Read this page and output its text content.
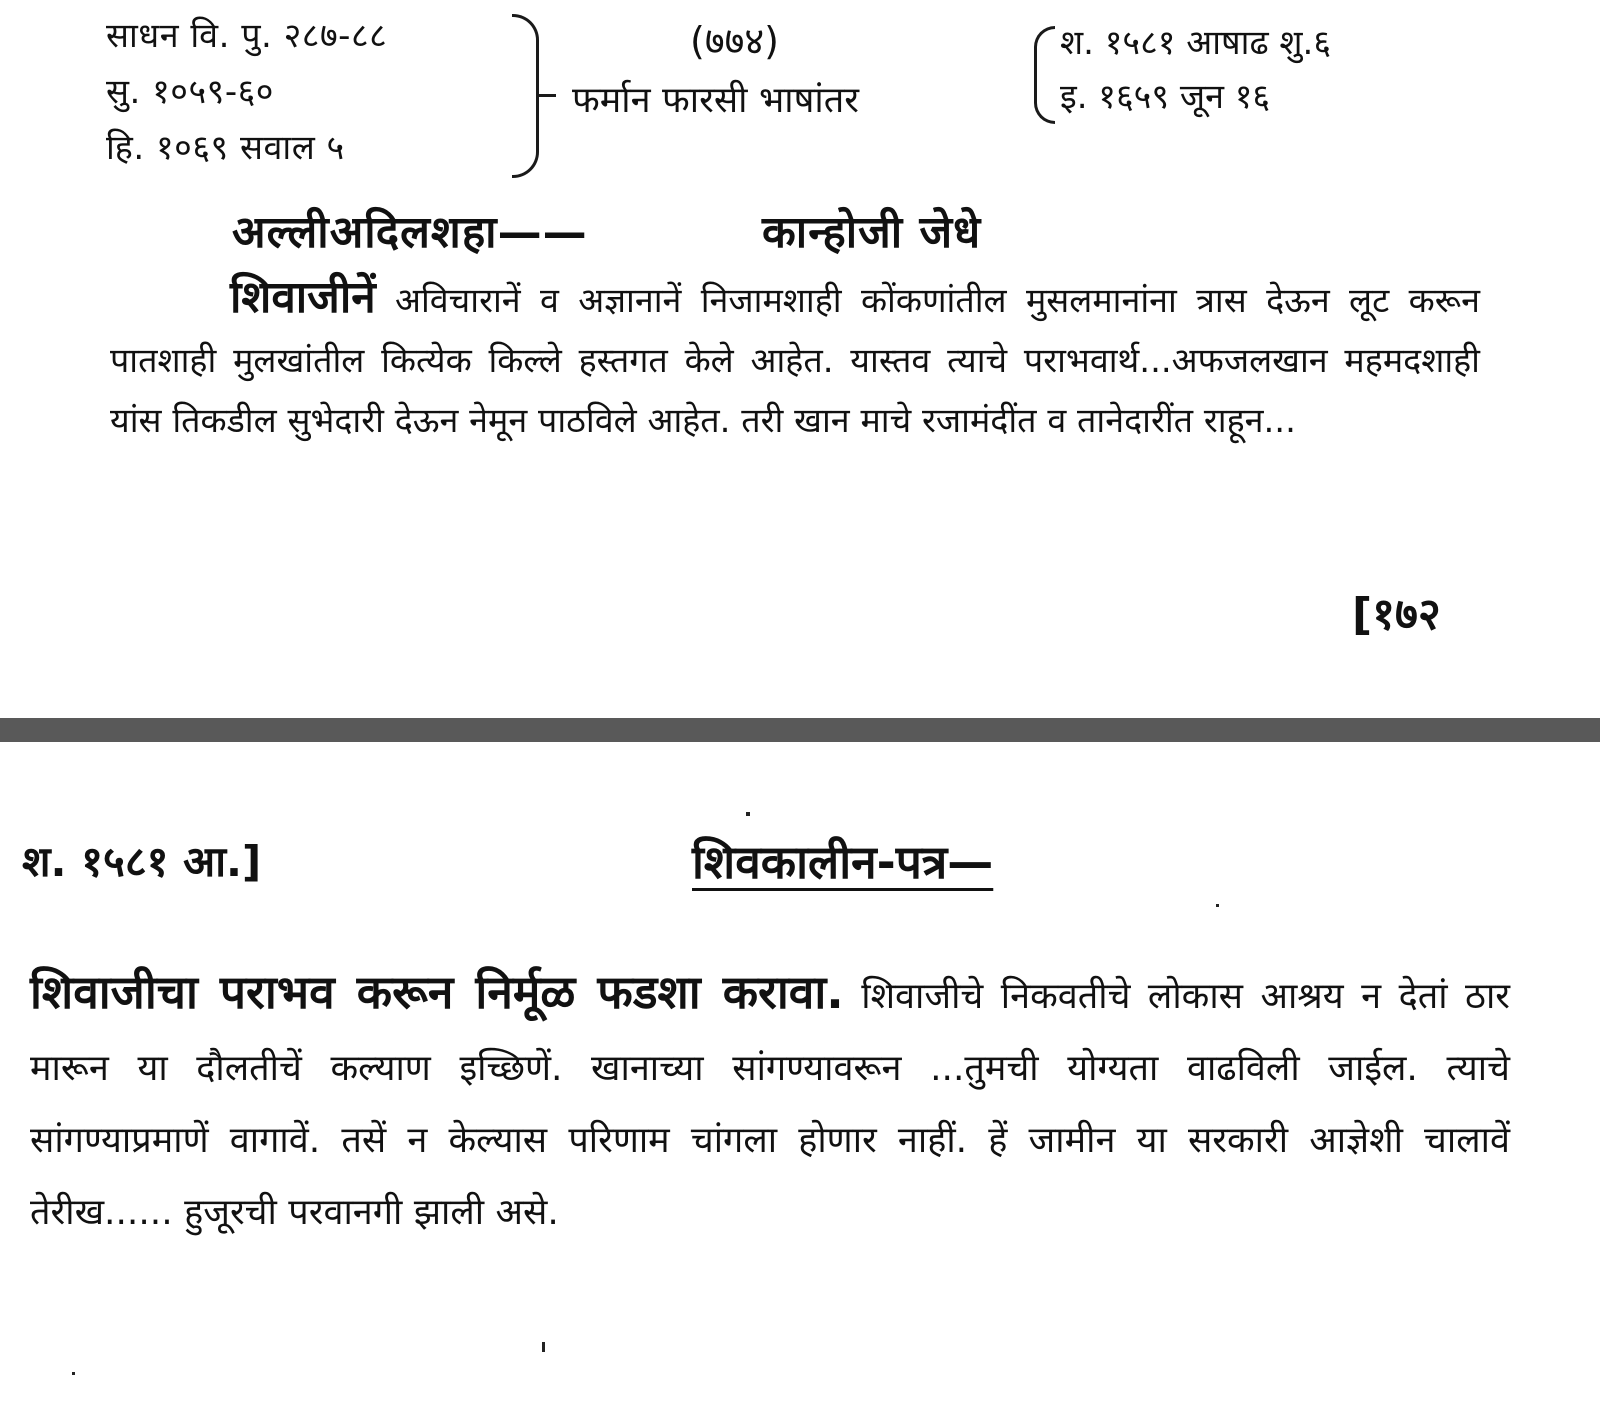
साधन वि. पु. २८७-८८
सु. १०५९-६०
हि. १०६९ सवाल ५
(७७४)
फर्मान फारसी भाषांतर
श. १५८१ आषाढ शु.६
इ. १६५९ जून १६
अल्लीअदिलशहा——	कान्होजी जेधे
शिवाजीनें अविचारानें व अज्ञानानें निजामशाही कोंकणांतील मुसलमानांना त्रास देऊन लूट करून पातशाही मुलखांतील कित्येक किल्ले हस्तगत केले आहेत. यास्तव त्याचे पराभवार्थ...अफजलखान महमदशाही यांस तिकडील सुभेदारी देऊन नेमून पाठविले आहेत. तरी खान माचे रजामंदींत व तानेदारींत राहून...
[१७२
श. १५८१ आ.]	शिवकालीन-पत्र—
शिवाजीचा पराभव करून निर्मूळ फडशा करावा. शिवाजीचे निकवतीचे लोकास आश्रय न देतां ठार मारून या दौलतीचें कल्याण इच्छिणें. खानाच्या सांगण्यावरून ...तुमची योग्यता वाढविली जाईल. त्याचे सांगण्याप्रमाणें वागावें. तसें न केल्यास परिणाम चांगला होणार नाहीं. हें जामीन या सरकारी आज्ञेशी चालावें तेरीख...... हुजूरची परवानगी झाली असे.
